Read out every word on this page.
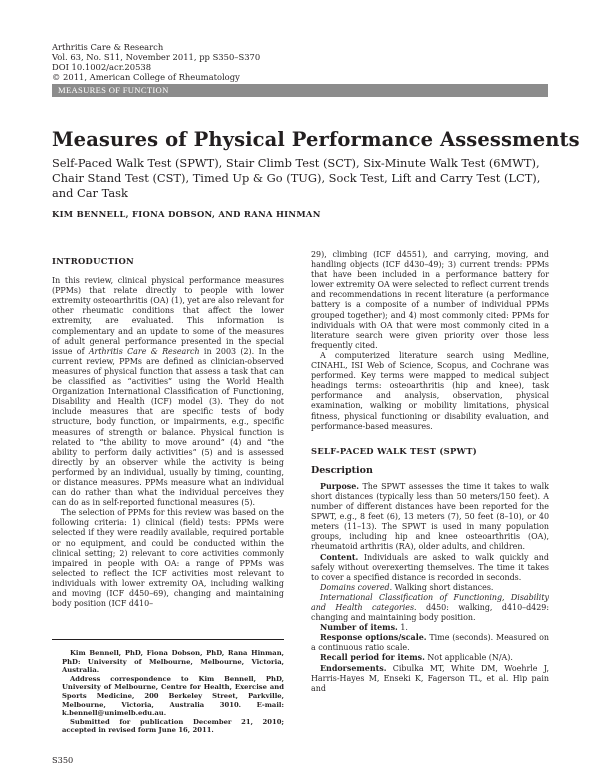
Arthritis Care & Research
Vol. 63, No. S11, November 2011, pp S350–S370
DOI 10.1002/acr.20538
© 2011, American College of Rheumatology
MEASURES OF FUNCTION
Measures of Physical Performance Assessments
Self-Paced Walk Test (SPWT), Stair Climb Test (SCT), Six-Minute Walk Test (6MWT), Chair Stand Test (CST), Timed Up & Go (TUG), Sock Test, Lift and Carry Test (LCT), and Car Task
KIM BENNELL, FIONA DOBSON, AND RANA HINMAN
INTRODUCTION

In this review, clinical physical performance measures (PPMs) that relate directly to people with lower extremity osteoarthritis (OA) (1), yet are also relevant for other rheumatic conditions that affect the lower extremity, are evaluated. This information is complementary and an update to some of the measures of adult general performance presented in the special issue of Arthritis Care & Research in 2003 (2). In the current review, PPMs are defined as clinician-observed measures of physical function that assess a task that can be classified as “activities” using the World Health Organization International Classification of Functioning, Disability and Health (ICF) model (3). They do not include measures that are specific tests of body structure, body function, or impairments, e.g., specific measures of strength or balance. Physical function is related to “the ability to move around” (4) and “the ability to perform daily activities” (5) and is assessed directly by an observer while the activity is being performed by an individual, usually by timing, counting, or distance measures. PPMs measure what an individual can do rather than what the individual perceives they can do as in self-reported functional measures (5).

The selection of PPMs for this review was based on the following criteria: 1) clinical (field) tests: PPMs were selected if they were readily available, required portable or no equipment, and could be conducted within the clinical setting; 2) relevant to core activities commonly impaired in people with OA: a range of PPMs was selected to reflect the ICF activities most relevant to individuals with lower extremity OA, including walking and moving (ICF d450–69), changing and maintaining body position (ICF d410–

Kim Bennell, PhD, Fiona Dobson, PhD, Rana Hinman, PhD: University of Melbourne, Melbourne, Victoria, Australia.

Address correspondence to Kim Bennell, PhD, University of Melbourne, Centre for Health, Exercise and Sports Medicine, 200 Berkeley Street, Parkville, Melbourne, Victoria, Australia 3010. E-mail: k.bennell@unimelb.edu.au.

Submitted for publication December 21, 2010; accepted in revised form June 16, 2011.

29), climbing (ICF d4551), and carrying, moving, and handling objects (ICF d430–49); 3) current trends: PPMs that have been included in a performance battery for lower extremity OA were selected to reflect current trends and recommendations in recent literature (a performance battery is a composite of a number of individual PPMs grouped together); and 4) most commonly cited: PPMs for individuals with OA that were most commonly cited in a literature search were given priority over those less frequently cited.

A computerized literature search using Medline, CINAHL, ISI Web of Science, Scopus, and Cochrane was performed. Key terms were mapped to medical subject headings terms: osteoarthritis (hip and knee), task performance and analysis, observation, physical examination, walking or mobility limitations, physical fitness, physical functioning or disability evaluation, and performance-based measures.

SELF-PACED WALK TEST (SPWT)
Description

Purpose. The SPWT assesses the time it takes to walk short distances (typically less than 50 meters/150 feet). A number of different distances have been reported for the SPWT, e.g., 8 feet (6), 13 meters (7), 50 feet (8–10), or 40 meters (11–13). The SPWT is used in many population groups, including hip and knee osteoarthritis (OA), rheumatoid arthritis (RA), older adults, and children.

Content. Individuals are asked to walk quickly and safely without overexerting themselves. The time it takes to cover a specified distance is recorded in seconds.

Domains covered. Walking short distances.

International Classification of Functioning, Disability and Health categories. d450: walking, d410–d429: changing and maintaining body position.

Number of items. 1.

Response options/scale. Time (seconds). Measured on a continuous ratio scale.

Recall period for items. Not applicable (N/A).

Endorsements. Cibulka MT, White DM, Woehrle J, Harris-Hayes M, Enseki K, Fagerson TL, et al. Hip pain and

S350
